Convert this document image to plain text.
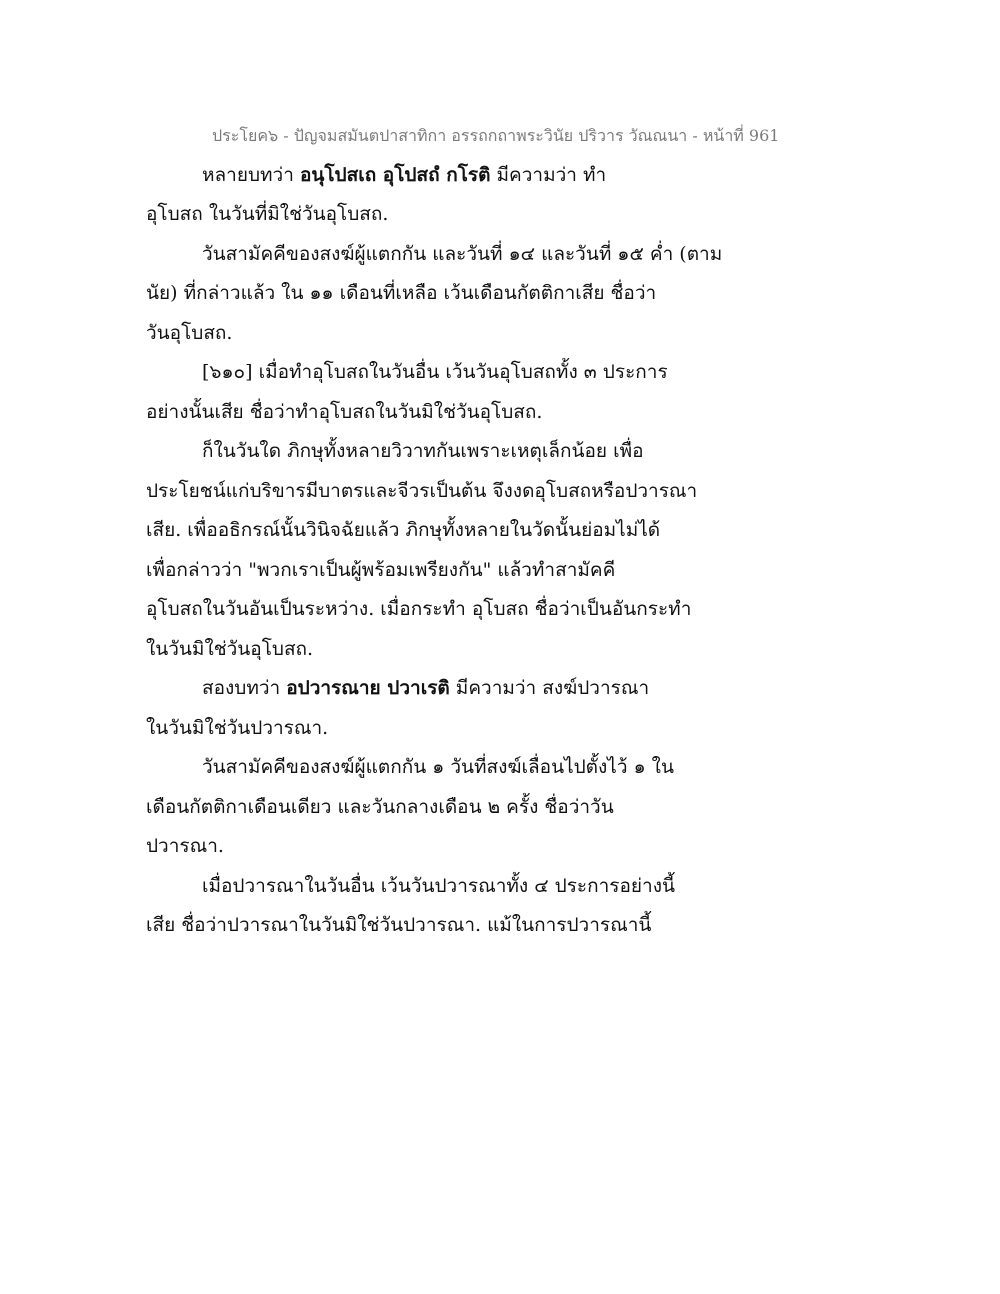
ประโยค๖ - ปัญจมสมันตปาสาทิกา อรรถกถาพระวินัย ปริวาร วัณณนา - หน้าที่ 961
หลายบทว่า อนุโปสเถ อุโปสถํ กโรติ มีความว่า ทำ
อุโบสถ ในวันที่มิใช่วันอุโบสถ.
วันสามัคคีของสงฆ์ผู้แตกกัน และวันที่ ๑๔ และวันที่ ๑๕ ค่ำ (ตาม
นัย) ที่กล่าวแล้ว ใน ๑๑ เดือนที่เหลือ เว้นเดือนกัตติกาเสีย ชื่อว่า
วันอุโบสถ.
[๖๑๐] เมื่อทำอุโบสถในวันอื่น เว้นวันอุโบสถทั้ง ๓ ประการ
อย่างนั้นเสีย ชื่อว่าทำอุโบสถในวันมิใช่วันอุโบสถ.
ก็ในวันใด ภิกษุทั้งหลายวิวาทกันเพราะเหตุเล็กน้อย เพื่อ
ประโยชน์แก่บริขารมีบาตรและจีวรเป็นต้น จึงงดอุโบสถหรือปวารณา
เสีย. เพื่ออธิกรณ์นั้นวินิจฉัยแล้ว ภิกษุทั้งหลายในวัดนั้นย่อมไม่ได้
เพื่อกล่าวว่า "พวกเราเป็นผู้พร้อมเพรียงกัน" แล้วทำสามัคคี
อุโบสถในวันอันเป็นระหว่าง. เมื่อกระทำ อุโบสถ ชื่อว่าเป็นอันกระทำ
ในวันมิใช่วันอุโบสถ.
สองบทว่า อปวารณาย ปวาเรติ มีความว่า สงฆ์ปวารณา
ในวันมิใช่วันปวารณา.
วันสามัคคีของสงฆ์ผู้แตกกัน ๑ วันที่สงฆ์เลื่อนไปตั้งไว้ ๑ ใน
เดือนกัตติกาเดือนเดียว และวันกลางเดือน ๒ ครั้ง ชื่อว่าวัน
ปวารณา.
เมื่อปวารณาในวันอื่น เว้นวันปวารณาทั้ง ๔ ประการอย่างนี้
เสีย ชื่อว่าปวารณาในวันมิใช่วันปวารณา. แม้ในการปวารณานี้
